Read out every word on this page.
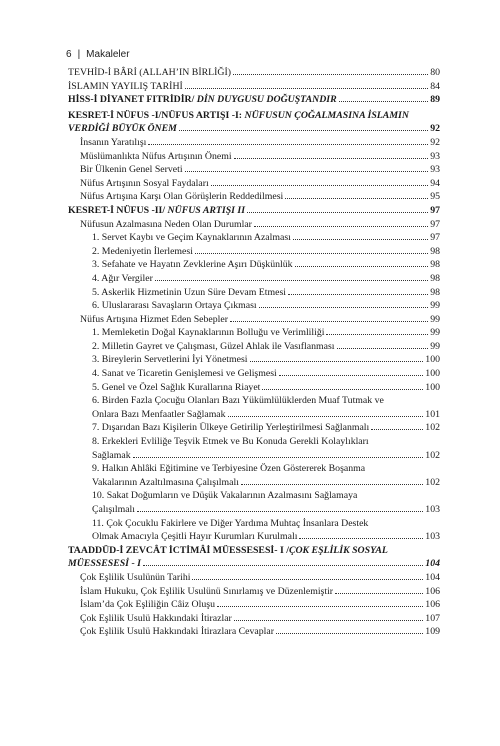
6 | Makaleler
TEVHİD-İ BÂRİ (ALLAH’IN BİRLİĞİ)	80
İSLAMIN YAYILIŞ TARİHİ	84
HİSS-İ DİYANET FITRİDİR/ DİN DUYGUSU DOĞUŞTANDIR	89
KESRET-İ NÜFUS -I/NÜFUS ARTIŞI -I: NÜFUSUN ÇOĞALMASINA İSLAMIN
VERDİĞİ BÜYÜK ÖNEM	92
İnsanın Yaratılışı	92
Müslümanlıkta Nüfus Artışının Önemi	93
Bir Ülkenin Genel Serveti	93
Nüfus Artışının Sosyal Faydaları	94
Nüfus Artışına Karşı Olan Görüşlerin Reddedilmesi	95
KESRET-İ NÜFUS -II/ NÜFUS ARTIŞI II	97
Nüfusun Azalmasına Neden Olan Durumlar	97
1. Servet Kaybı ve Geçim Kaynaklarının Azalması	97
2. Medeniyetin İlerlemesi	98
3. Sefahate ve Hayatın Zevklerine Aşırı Düşkünlük	98
4. Ağır Vergiler	98
5. Askerlik Hizmetinin Uzun Süre Devam Etmesi	98
6. Uluslararası Savaşların Ortaya Çıkması	99
Nüfus Artışına Hizmet Eden Sebepler	99
1. Memleketin Doğal Kaynaklarının Bolluğu ve Verimliliği	99
2. Milletin Gayret ve Çalışması, Güzel Ahlak ile Vasıflanması	99
3. Bireylerin Servetlerini İyi Yönetmesi	100
4. Sanat ve Ticaretin Genişlemesi ve Gelişmesi	100
5. Genel ve Özel Sağlık Kurallarına Riayet	100
6. Birden Fazla Çocuğu Olanları Bazı Yükümlülüklerden Muaf Tutmak ve
Onlara Bazı Menfaatler Sağlamak	101
7. Dışarıdan Bazı Kişilerin Ülkeye Getirilip Yerleştirilmesi Sağlanmalı	102
8. Erkekleri Evliliğe Teşvik Etmek ve Bu Konuda Gerekli Kolaylıkları
Sağlamak	102
9. Halkın Ahlâki Eğitimine ve Terbiyesine Özen Göstererek Boşanma
Vakalarının Azaltılmasına Çalışılmalı	102
10. Sakat Doğumların ve Düşük Vakalarının Azalmasını Sağlamaya
Çalışılmalı	103
11. Çok Çocuklu Fakirlere ve Diğer Yardıma Muhtaç İnsanlara Destek
Olmak Amacıyla Çeşitli Hayır Kurumları Kurulmalı	103
TAADDÜD-İ ZEVCÂT İCTİMÂİ MÜESSESESİ- I /ÇOK EŞLİLİK SOSYAL
MÜESSESESİ - I	104
Çok Eşlilik Usulünün Tarihi	104
İslam Hukuku, Çok Eşlilik Usulünü Sınırlamış ve Düzenlemiştir	106
İslam’da Çok Eşliliğin Câiz Oluşu	106
Çok Eşlilik Usulü Hakkındaki İtirazlar	107
Çok Eşlilik Usulü Hakkındaki İtirazlara Cevaplar	109
